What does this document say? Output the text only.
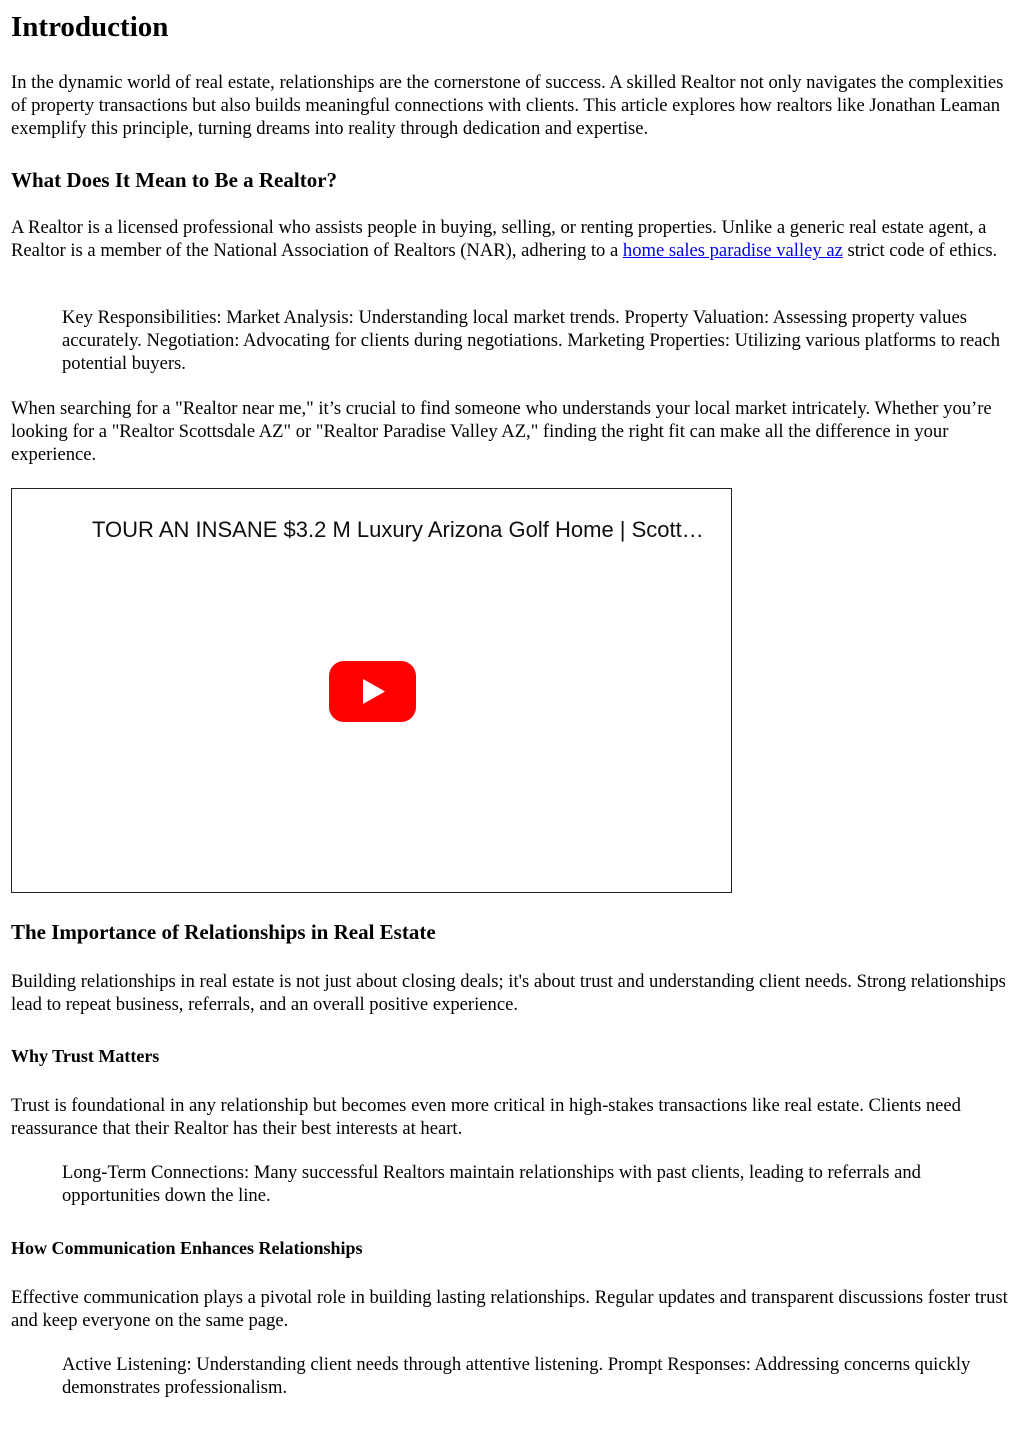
Introduction

In the dynamic world of real estate, relationships are the cornerstone of success. A skilled Realtor not only navigates the complexities of property transactions but also builds meaningful connections with clients. This article explores how realtors like Jonathan Leaman exemplify this principle, turning dreams into reality through dedication and expertise.

What Does It Mean to Be a Realtor?

A Realtor is a licensed professional who assists people in buying, selling, or renting properties. Unlike a generic real estate agent, a Realtor is a member of the National Association of Realtors (NAR), adhering to a home sales paradise valley az strict code of ethics.

Key Responsibilities: Market Analysis: Understanding local market trends. Property Valuation: Assessing property values accurately. Negotiation: Advocating for clients during negotiations. Marketing Properties: Utilizing various platforms to reach potential buyers.

When searching for a "Realtor near me," it’s crucial to find someone who understands your local market intricately. Whether you’re looking for a "Realtor Scottsdale AZ" or "Realtor Paradise Valley AZ," finding the right fit can make all the difference in your experience.

TOUR AN INSANE $3.2 M Luxury Arizona Golf Home | Scott…
The Importance of Relationships in Real Estate

Building relationships in real estate is not just about closing deals; it's about trust and understanding client needs. Strong relationships lead to repeat business, referrals, and an overall positive experience.

Why Trust Matters

Trust is foundational in any relationship but becomes even more critical in high-stakes transactions like real estate. Clients need reassurance that their Realtor has their best interests at heart.

Long-Term Connections: Many successful Realtors maintain relationships with past clients, leading to referrals and opportunities down the line.
How Communication Enhances Relationships

Effective communication plays a pivotal role in building lasting relationships. Regular updates and transparent discussions foster trust and keep everyone on the same page.

Active Listening: Understanding client needs through attentive listening. Prompt Responses: Addressing concerns quickly demonstrates professionalism.
